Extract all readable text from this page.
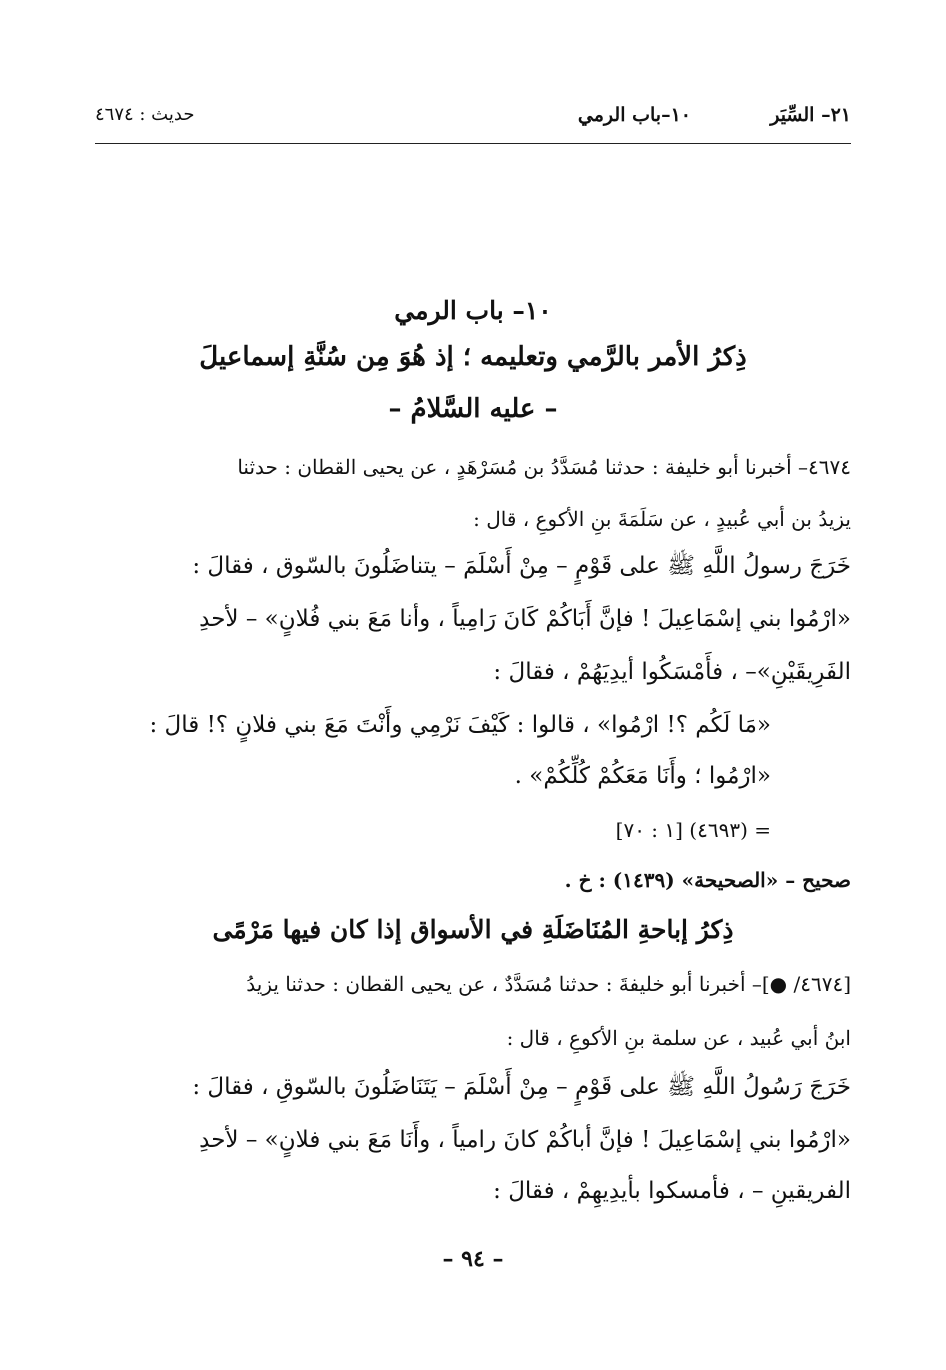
٢١– السِّيَر
١٠–باب الرمي
حديث : ٤٦٧٤
١٠– باب الرمي
ذِكرُ الأمر بالرَّمي وتعليمه ؛ إذ هُوَ مِن سُنَّةِ إسماعيلَ
– عليه السَّلامُ –
٤٦٧٤– أخبرنا أبو خليفة : حدثنا مُسَدَّدُ بن مُسَرْهَدٍ ، عن يحيى القطان : حدثنا
يزيدُ بن أبي عُبيدٍ ، عن سَلَمَةَ بنِ الأكوعِ ، قال :
خَرَجَ رسولُ اللَّهِ ﷺ على قَوْمٍ – مِنْ أَسْلَمَ – يتناضَلُونَ بالسّوق ، فقالَ :
«ارْمُوا بني إسْمَاعِيلَ ! فإنَّ أَبَاكُمْ كَانَ رَامِياً ، وأنا مَعَ بني فُلانٍ» – لأحدِ
الفَرِيقَيْنِ»– ، فأَمْسَكُوا أيدِيَهُمْ ، فقالَ :
«مَا لَكُم ؟! ارْمُوا» ، قالوا : كَيْفَ نَرْمِي وأَنْتَ مَعَ بني فلانٍ ؟! قالَ :
«ارْمُوا ؛ وأَنَا مَعَكُمْ كُلِّكُمْ» .
= (٤٦٩٣) [١ : ٧٠]
صحيح – «الصحيحة» (١٤٣٩) : خ .
ذِكرُ إباحةِ المُنَاضَلَةِ في الأسواق إذا كان فيها مَرْمًى
[٤٦٧٤/ ●]– أخبرنا أبو خليفةَ : حدثنا مُسَدَّدٌ ، عن يحيى القطان : حدثنا يزيدُ
ابنُ أبي عُبيد ، عن سلمة بنِ الأكوعِ ، قال :
خَرَجَ رَسُولُ اللَّهِ ﷺ على قَوْمٍ – مِنْ أَسْلَمَ – يَتَنَاضَلُونَ بالسّوقِ ، فقالَ :
«ارْمُوا بني إسْمَاعِيلَ ! فإنَّ أباكُمْ كانَ رامياً ، وأَنَا مَعَ بني فلانٍ» – لأحدِ
الفريقينِ – ، فأمسكوا بأيدِيهِمْ ، فقالَ :
– ٩٤ –
